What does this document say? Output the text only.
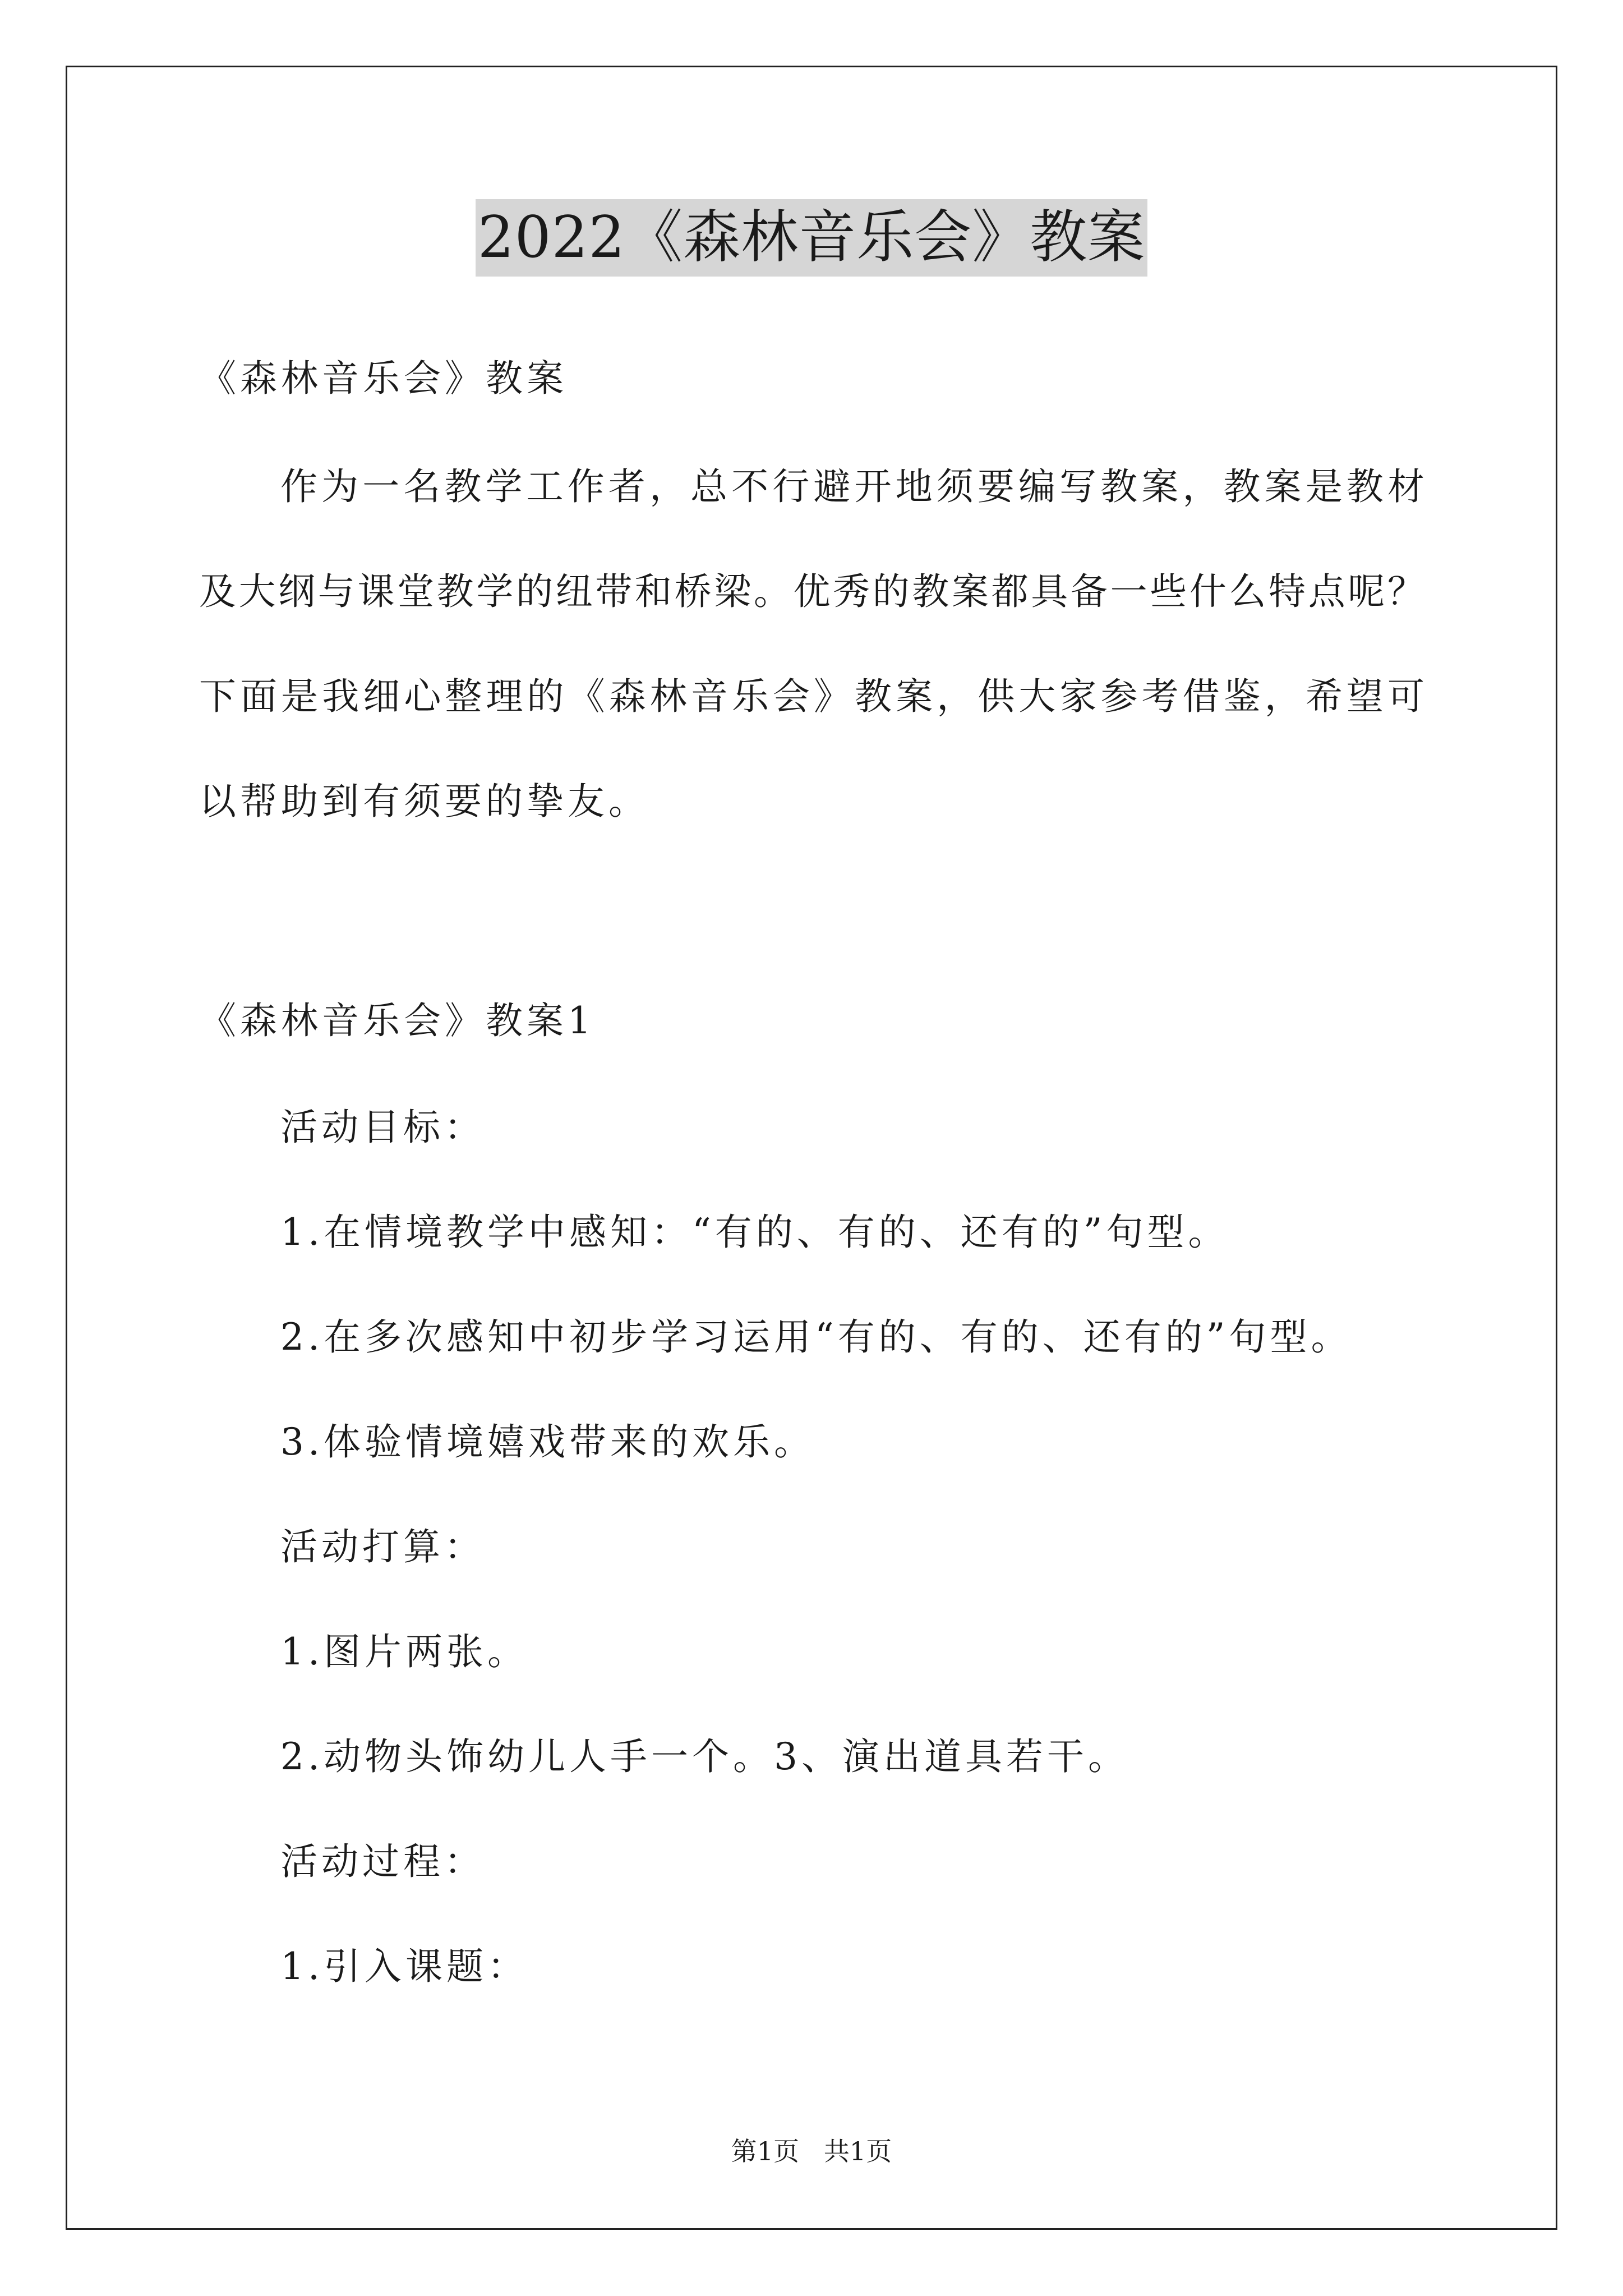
2022《森林音乐会》教案
《森林音乐会》教案
作为一名教学工作者，总不行避开地须要编写教案，教案是教材
及大纲与课堂教学的纽带和桥梁。优秀的教案都具备一些什么特点呢？
下面是我细心整理的《森林音乐会》教案，供大家参考借鉴，希望可
以帮助到有须要的挚友。
《森林音乐会》教案1
活动目标：
1.在情境教学中感知：“有的、有的、还有的”句型。
2.在多次感知中初步学习运用“有的、有的、还有的”句型。
3.体验情境嬉戏带来的欢乐。
活动打算：
1.图片两张。
2.动物头饰幼儿人手一个。3、演出道具若干。
活动过程：
1.引入课题：
第1页   共1页
